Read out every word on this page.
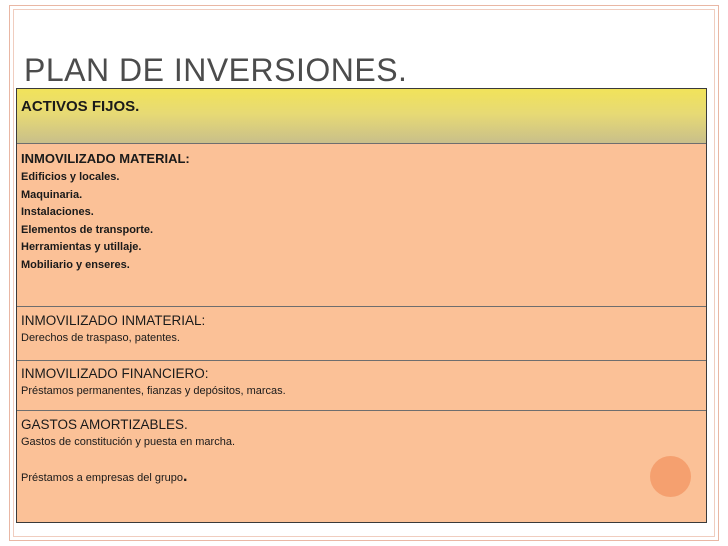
PLAN DE INVERSIONES.
ACTIVOS FIJOS.
INMOVILIZADO MATERIAL:
Edificios y locales.
Maquinaria.
Instalaciones.
Elementos de transporte.
Herramientas y utillaje.
Mobiliario y enseres.
INMOVILIZADO INMATERIAL:
Derechos de traspaso, patentes.
INMOVILIZADO FINANCIERO:
Préstamos permanentes, fianzas y depósitos, marcas.
GASTOS AMORTIZABLES.
Gastos de constitución y puesta en marcha.
Préstamos a empresas del grupo.
